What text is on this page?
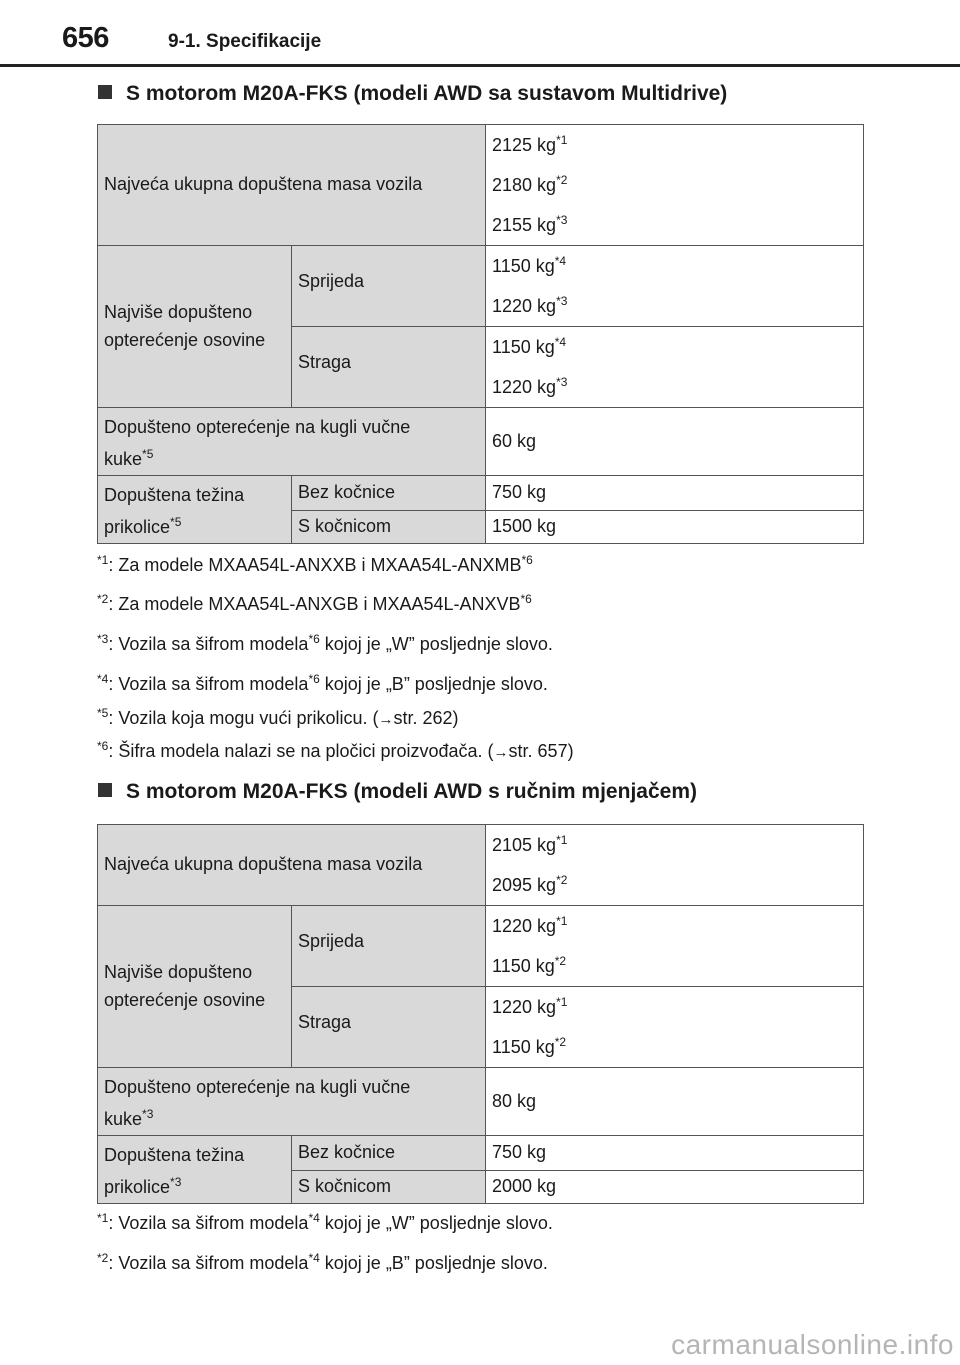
656	9-1. Specifikacije
S motorom M20A-FKS (modeli AWD sa sustavom Multidrive)
Najveća ukupna dopuštena masa vozila		2125 $kg^{*1}$
2180 $kg^{*2}$
2155 $kg^{*3}$

Najviše dopušteno
opterećenje osovine	Sprijeda	1150 $kg^{*4}$
1220 $kg^{*3}$

	Straga	1150 $kg^{*4}$
1220 $kg^{*3}$

Dopušteno opterećenje na kugli vučne
kuke$^{*5}$		60 kg

Dopuštena težina
prikolice$^{*5}$	Bez kočnice	750 kg
	S kočnicom	1500 kg
$^{*1}$: Za modele MXAA54L-ANXXB i MXAA54L-ANXMB$^{*6}$
$^{*2}$: Za modele MXAA54L-ANXGB i MXAA54L-ANXVB$^{*6}$
$^{*3}$: Vozila sa šifrom modela$^{*6}$ kojoj je „W” posljednje slovo.
$^{*4}$: Vozila sa šifrom modela$^{*6}$ kojoj je „B” posljednje slovo.
$^{*5}$: Vozila koja mogu vući prikolicu. (→str. 262)
$^{*6}$: Šifra modela nalazi se na pločici proizvođača. (→str. 657)
S motorom M20A-FKS (modeli AWD s ručnim mjenjačem)
Najveća ukupna dopuštena masa vozila		2105 $kg^{*1}$
2095 $kg^{*2}$

Najviše dopušteno
opterećenje osovine	Sprijeda	1220 $kg^{*1}$
1150 $kg^{*2}$

	Straga	1220 $kg^{*1}$
1150 $kg^{*2}$

Dopušteno opterećenje na kugli vučne
kuke$^{*3}$		80 kg

Dopuštena težina
prikolice$^{*3}$	Bez kočnice	750 kg
	S kočnicom	2000 kg
$^{*1}$: Vozila sa šifrom modela$^{*4}$ kojoj je „W” posljednje slovo.
$^{*2}$: Vozila sa šifrom modela$^{*4}$ kojoj je „B” posljednje slovo.
carmanualsonline.info
